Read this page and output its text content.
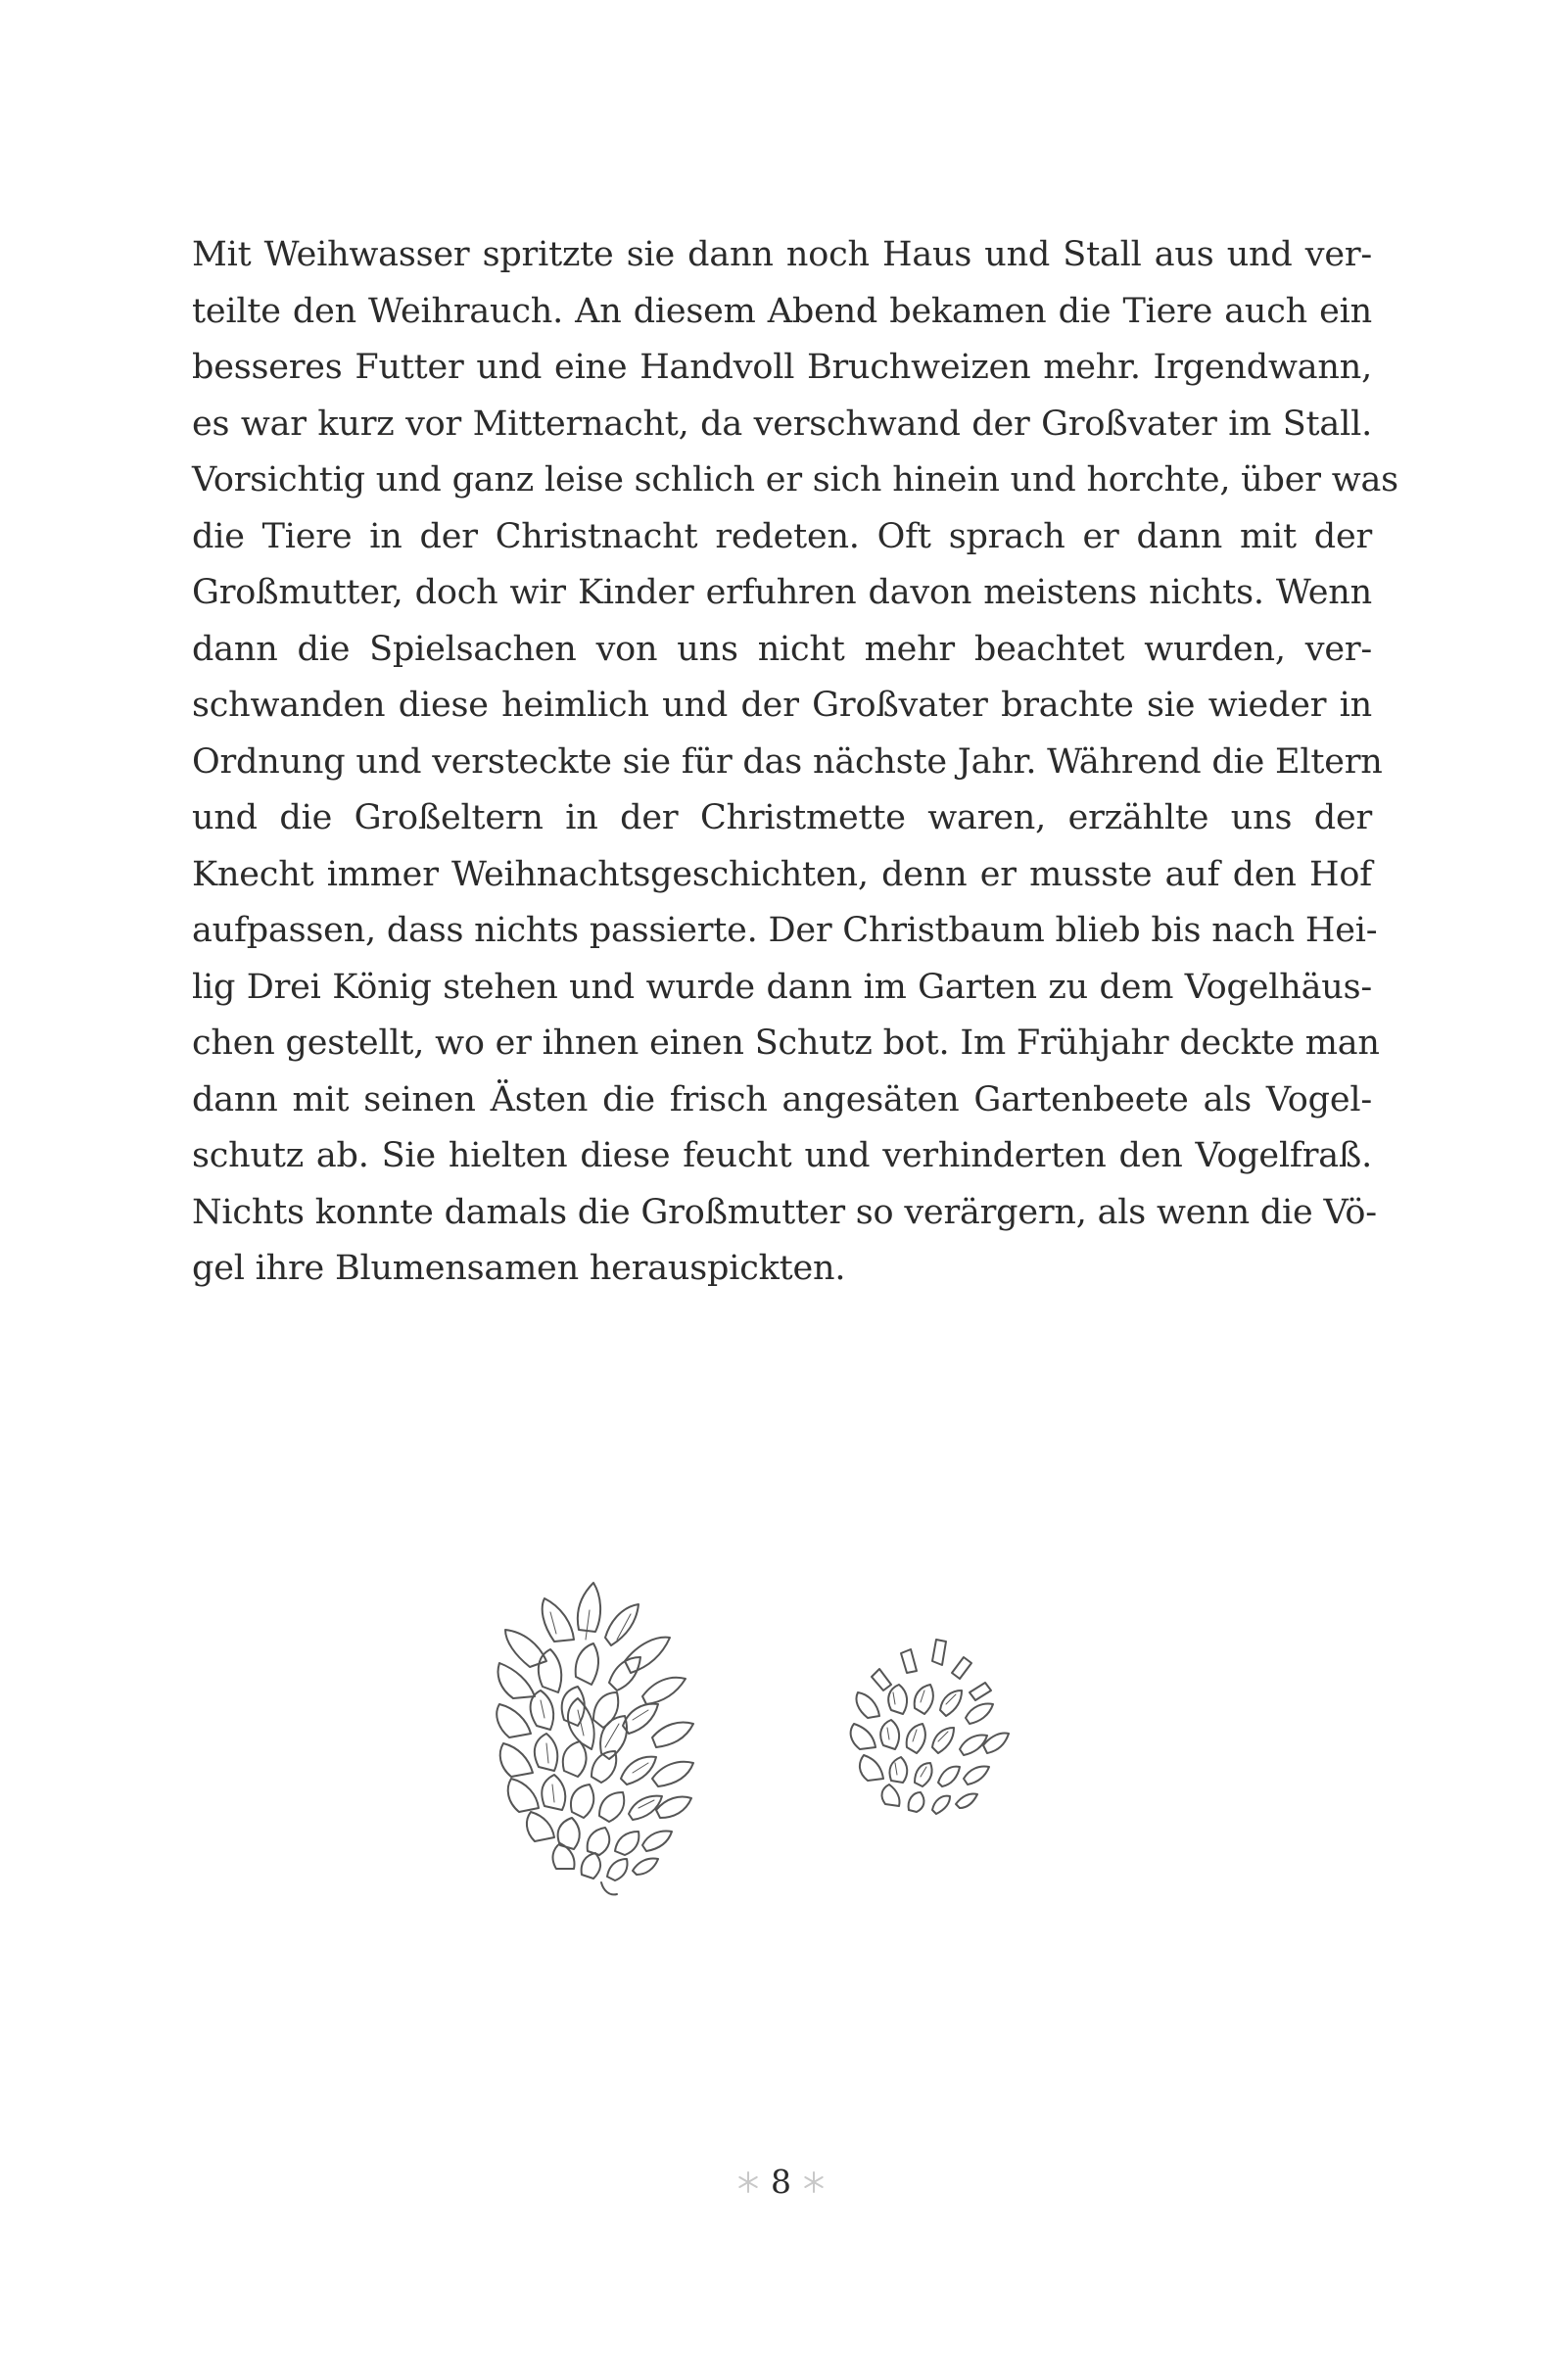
Mit Weihwasser spritzte sie dann noch Haus und Stall aus und ver-
teilte den Weihrauch. An diesem Abend bekamen die Tiere auch ein
besseres Futter und eine Handvoll Bruchweizen mehr. Irgendwann,
es war kurz vor Mitternacht, da verschwand der Großvater im Stall.
Vorsichtig und ganz leise schlich er sich hinein und horchte, über was
die Tiere in der Christnacht redeten. Oft sprach er dann mit der
Großmutter, doch wir Kinder erfuhren davon meistens nichts. Wenn
dann die Spielsachen von uns nicht mehr beachtet wurden, ver-
schwanden diese heimlich und der Großvater brachte sie wieder in
Ordnung und versteckte sie für das nächste Jahr. Während die Eltern
und die Großeltern in der Christmette waren, erzählte uns der
Knecht immer Weihnachtsgeschichten, denn er musste auf den Hof
aufpassen, dass nichts passierte. Der Christbaum blieb bis nach Hei-
lig Drei König stehen und wurde dann im Garten zu dem Vogelhäus-
chen gestellt, wo er ihnen einen Schutz bot. Im Frühjahr deckte man
dann mit seinen Ästen die frisch angesäten Gartenbeete als Vogel-
schutz ab. Sie hielten diese feucht und verhinderten den Vogelfraß.
Nichts konnte damals die Großmutter so verärgern, als wenn die Vö-
gel ihre Blumensamen herauspickten.
8
